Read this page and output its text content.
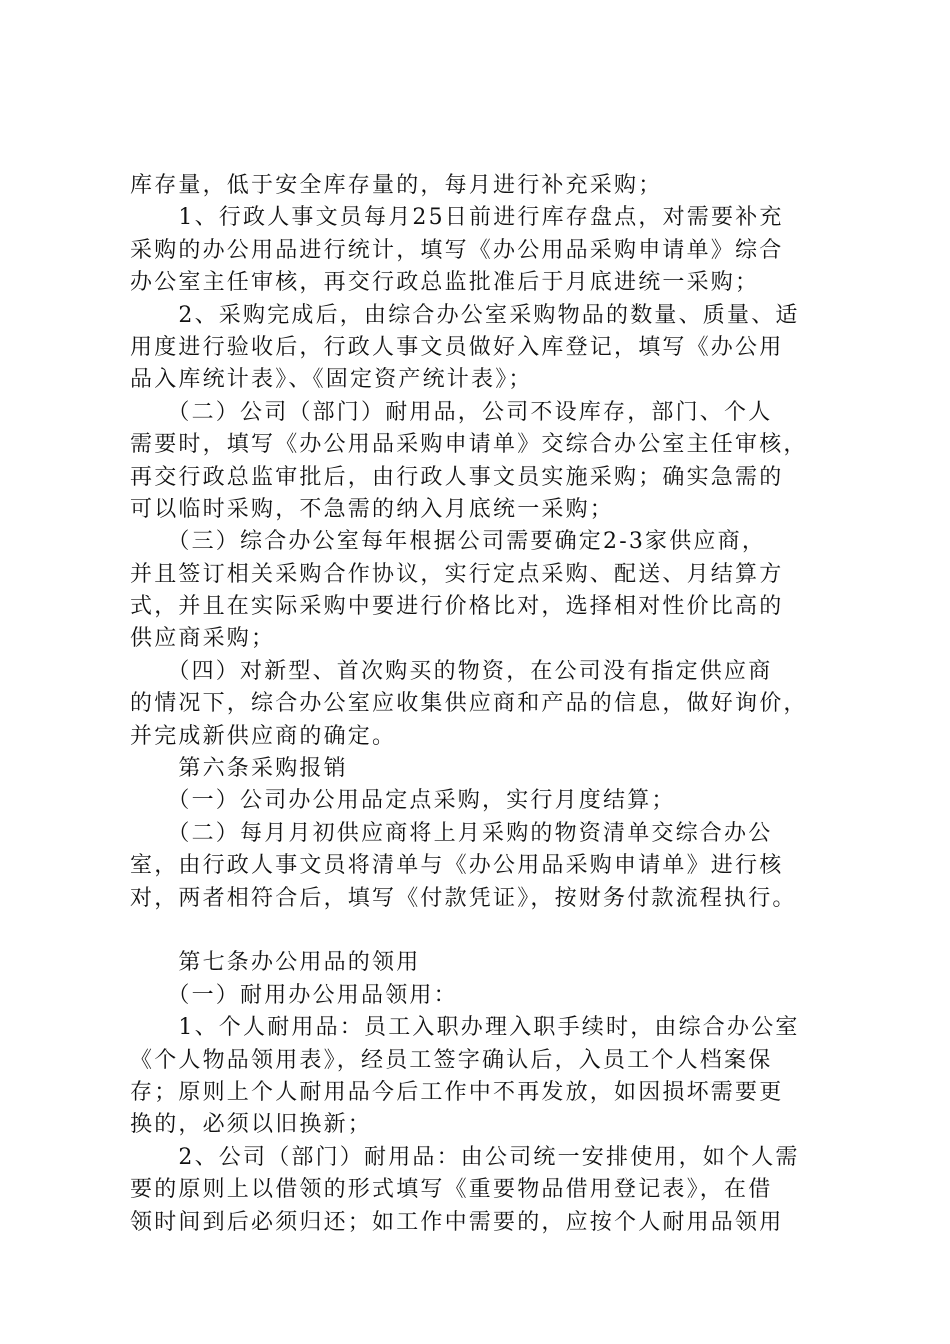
库存量，低于安全库存量的，每月进行补充采购；
　　1、行政人事文员每月25日前进行库存盘点，对需要补充
采购的办公用品进行统计，填写《办公用品采购申请单》综合
办公室主任审核，再交行政总监批准后于月底进统一采购；
　　2、采购完成后，由综合办公室采购物品的数量、质量、适
用度进行验收后，行政人事文员做好入库登记，填写《办公用
品入库统计表》、《固定资产统计表》；
　　（二）公司（部门）耐用品，公司不设库存，部门、个人
需要时，填写《办公用品采购申请单》交综合办公室主任审核，
再交行政总监审批后，由行政人事文员实施采购；确实急需的
可以临时采购，不急需的纳入月底统一采购；
　　（三）综合办公室每年根据公司需要确定2-3家供应商，
并且签订相关采购合作协议，实行定点采购、配送、月结算方
式，并且在实际采购中要进行价格比对，选择相对性价比高的
供应商采购；
　　（四）对新型、首次购买的物资，在公司没有指定供应商
的情况下，综合办公室应收集供应商和产品的信息，做好询价，
并完成新供应商的确定。
　　第六条采购报销
　　（一）公司办公用品定点采购，实行月度结算；
　　（二）每月月初供应商将上月采购的物资清单交综合办公
室，由行政人事文员将清单与《办公用品采购申请单》进行核
对，两者相符合后，填写《付款凭证》，按财务付款流程执行。
　　第七条办公用品的领用
　　（一）耐用办公用品领用：
　　1、个人耐用品：员工入职办理入职手续时，由综合办公室
《个人物品领用表》，经员工签字确认后，入员工个人档案保
存；原则上个人耐用品今后工作中不再发放，如因损坏需要更
换的，必须以旧换新；
　　2、公司（部门）耐用品：由公司统一安排使用，如个人需
要的原则上以借领的形式填写《重要物品借用登记表》，在借
领时间到后必须归还；如工作中需要的，应按个人耐用品领用
